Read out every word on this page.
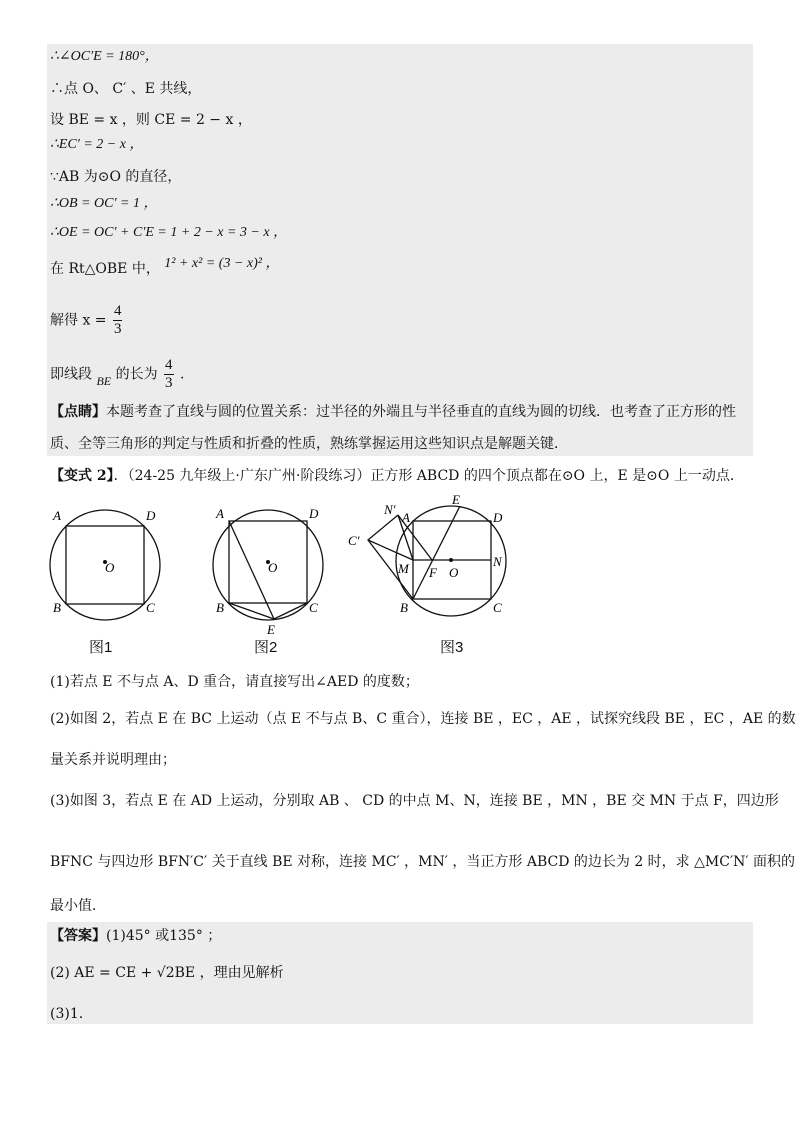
∴∠OC′E = 180°，
∴点 O、 C′ 、E 共线，
设 BE = x ，则 CE = 2 − x ，
∴EC′ = 2 − x ，
∵AB 为⊙O 的直径，
∴OB = OC′ = 1 ，
∴OE = OC′ + C′E = 1 + 2 − x = 3 − x ，
在 Rt△OBE 中， 1² + x² = (3 − x)² ，
解得 $x = \frac{4}{3}$
即线段 BE 的长为 $\frac{4}{3}$ .
【点睛】本题考查了直线与圆的位置关系：过半径的外端且与半径垂直的直线为圆的切线．也考查了正方形的性质、全等三角形的判定与性质和折叠的性质，熟练掌握运用这些知识点是解题关键．
【变式 2】．（24-25 九年级上·广东广州·阶段练习）正方形 ABCD 的四个顶点都在⊙O 上，E 是⊙O 上一动点．
O
A	D
B	C
O
A	D
B	C
E
O
F
M	N
A	D
B	C
E
C′
N′
图1	图2	图3
(1)若点 E 不与点 A、D 重合，请直接写出∠AED 的度数；
(2)如图 2，若点 E 在 BC 上运动（点 E 不与点 B、C 重合），连接 BE ，EC ，AE ，试探究线段 BE ，EC ，AE 的数
量关系并说明理由；
(3)如图 3，若点 E 在 AD 上运动，分别取 AB 、 CD 的中点 M、N，连接 BE ，MN ，BE 交 MN 于点 F，四边形
BFNC 与四边形 BFN′C′ 关于直线 BE 对称，连接 MC′ ，MN′ ，当正方形 ABCD 的边长为 2 时，求 △MC′N′ 面积的
最小值．
【答案】(1)45° 或135° ；
(2) AE = CE + √2BE ，理由见解析
(3)1.
